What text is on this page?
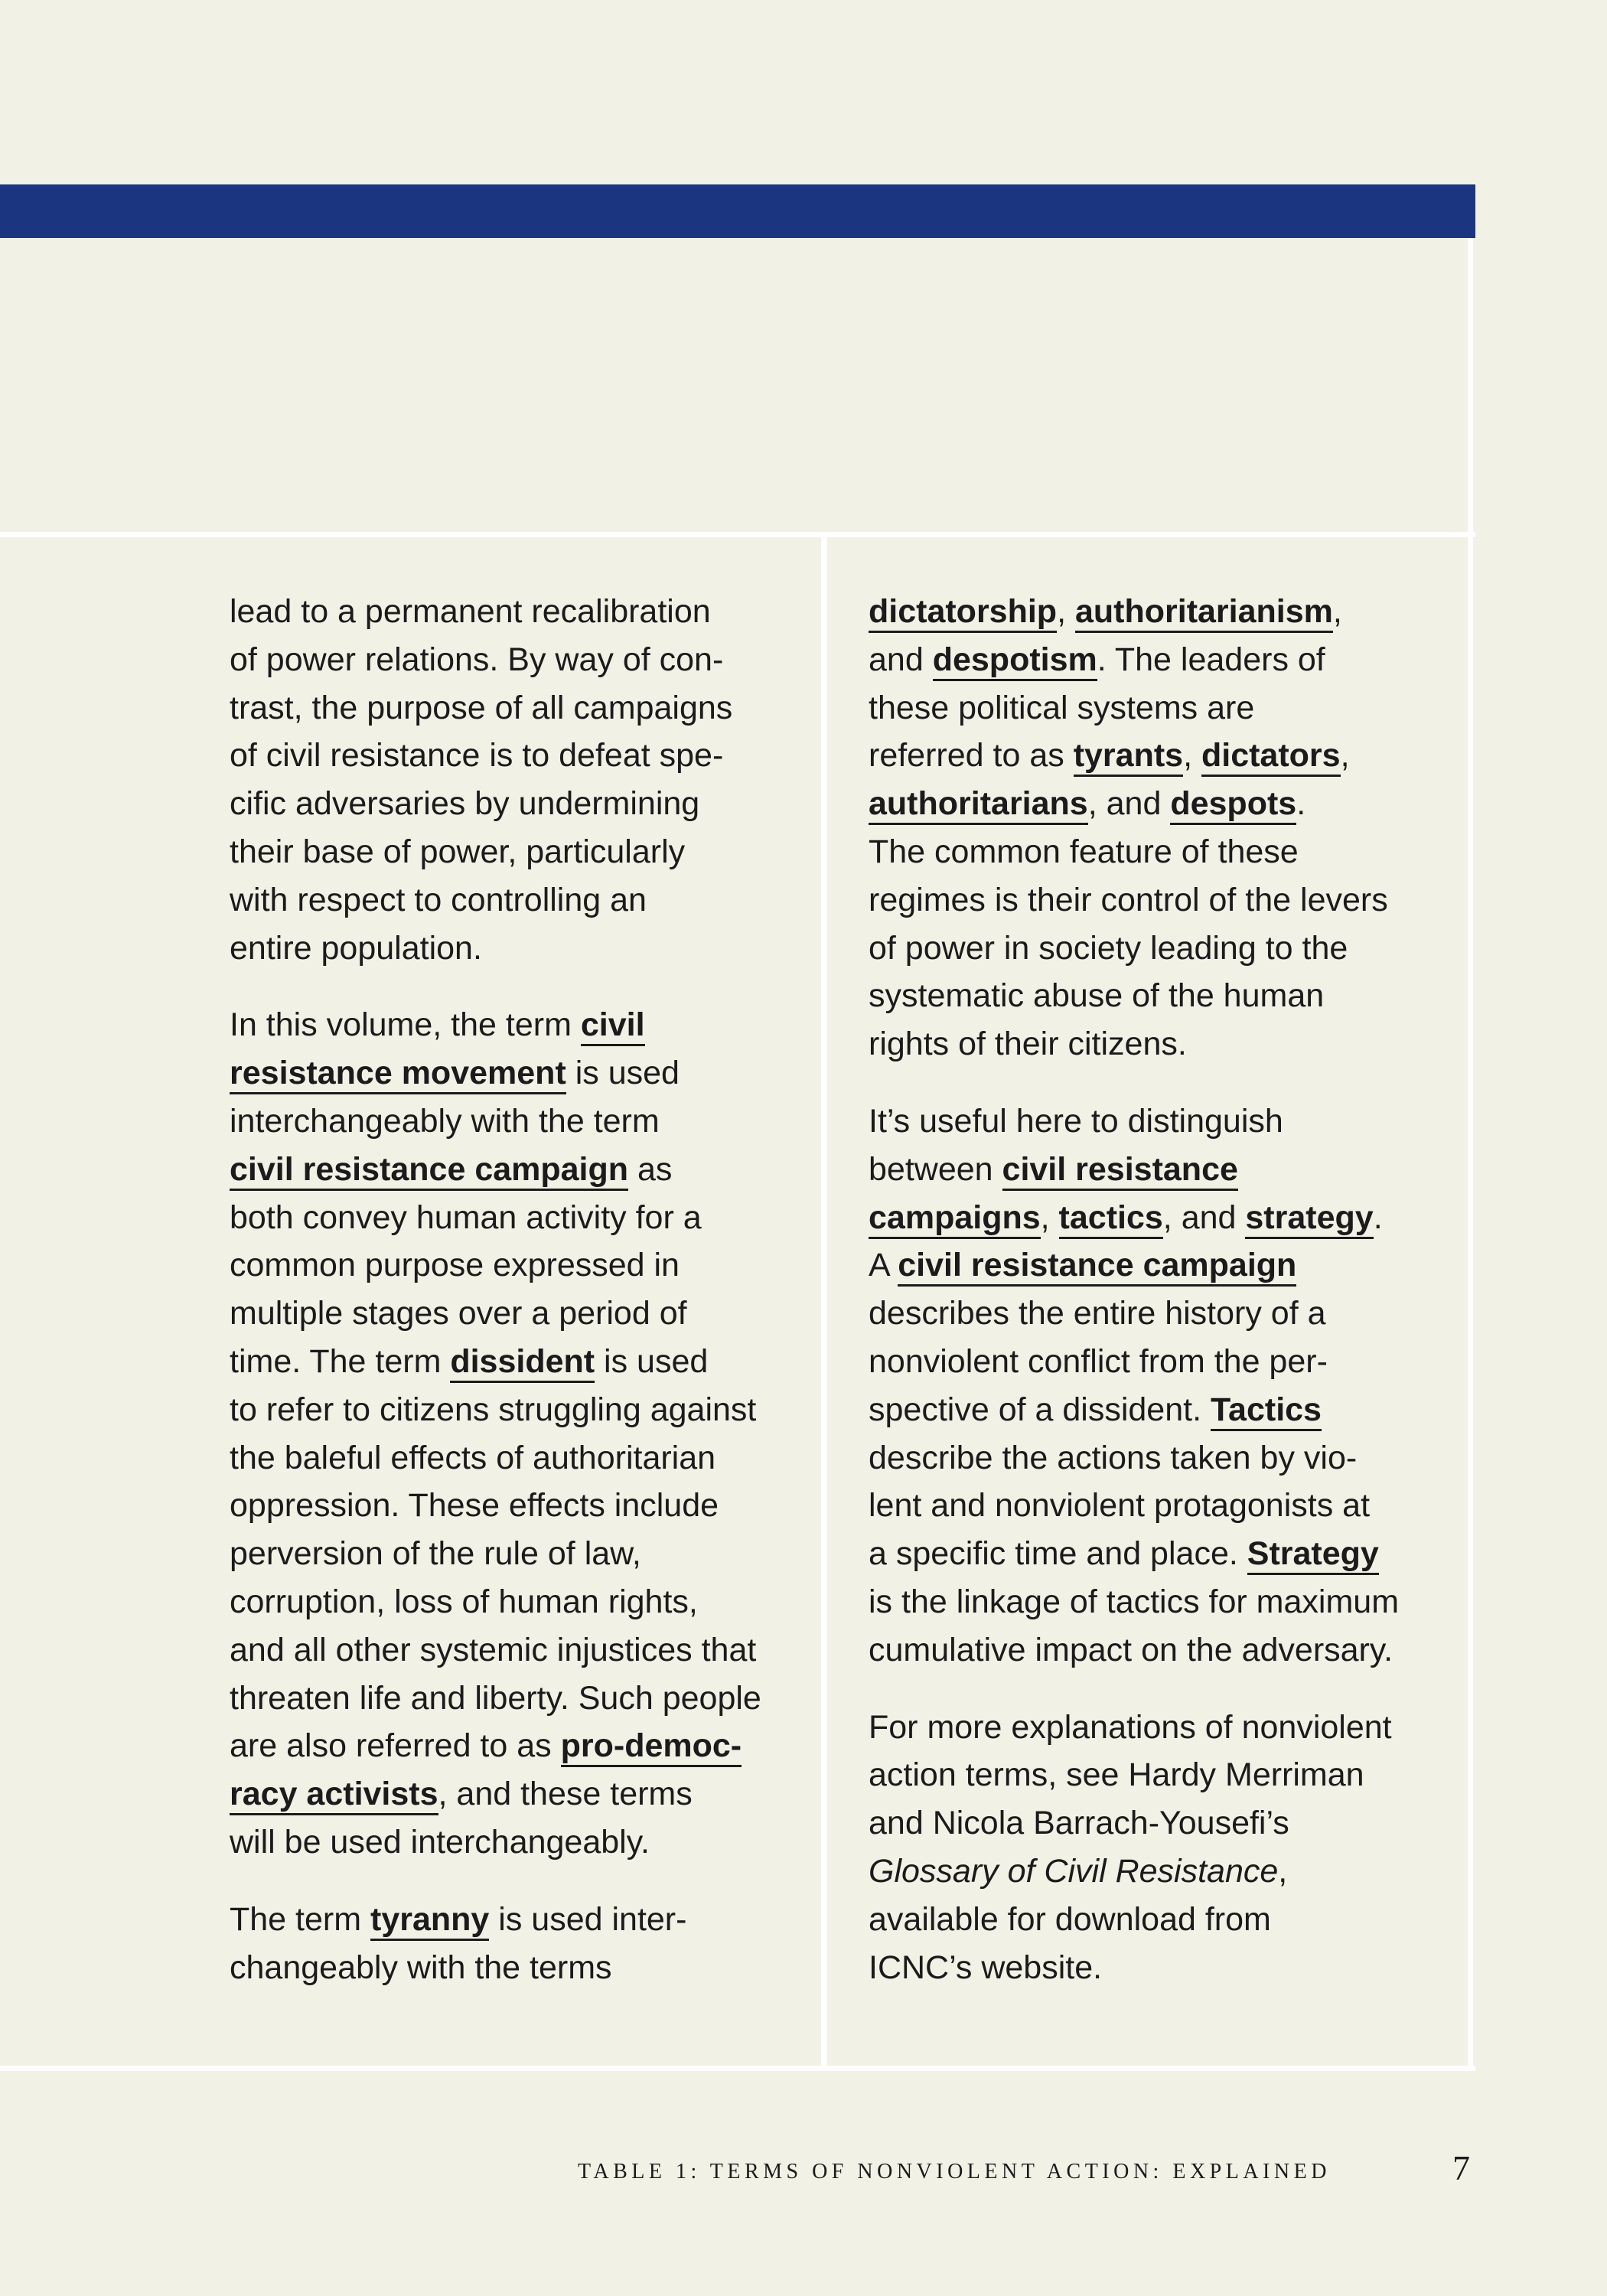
lead to a permanent recalibration
of power relations. By way of con-
trast, the purpose of all campaigns
of civil resistance is to defeat spe-
cific adversaries by undermining
their base of power, particularly
with respect to controlling an
entire population.

In this volume, the term civil
resistance movement is used
interchangeably with the term
civil resistance campaign as
both convey human activity for a
common purpose expressed in
multiple stages over a period of
time. The term dissident is used
to refer to citizens struggling against
the baleful effects of authoritarian
oppression. These effects include
perversion of the rule of law,
corruption, loss of human rights,
and all other systemic injustices that
threaten life and liberty. Such people
are also referred to as pro-democ-
racy activists, and these terms
will be used interchangeably.

The term tyranny is used inter-
changeably with the terms

dictatorship, authoritarianism,
and despotism. The leaders of
these political systems are
referred to as tyrants, dictators,
authoritarians, and despots.
The common feature of these
regimes is their control of the levers
of power in society leading to the
systematic abuse of the human
rights of their citizens.

It’s useful here to distinguish
between civil resistance
campaigns, tactics, and strategy.
A civil resistance campaign
describes the entire history of a
nonviolent conflict from the per-
spective of a dissident. Tactics
describe the actions taken by vio-
lent and nonviolent protagonists at
a specific time and place. Strategy
is the linkage of tactics for maximum
cumulative impact on the adversary.

For more explanations of nonviolent
action terms, see Hardy Merriman
and Nicola Barrach-Yousefi’s
Glossary of Civil Resistance,
available for download from
ICNC’s website.

TABLE 1: TERMS OF NONVIOLENT ACTION: EXPLAINED	7
